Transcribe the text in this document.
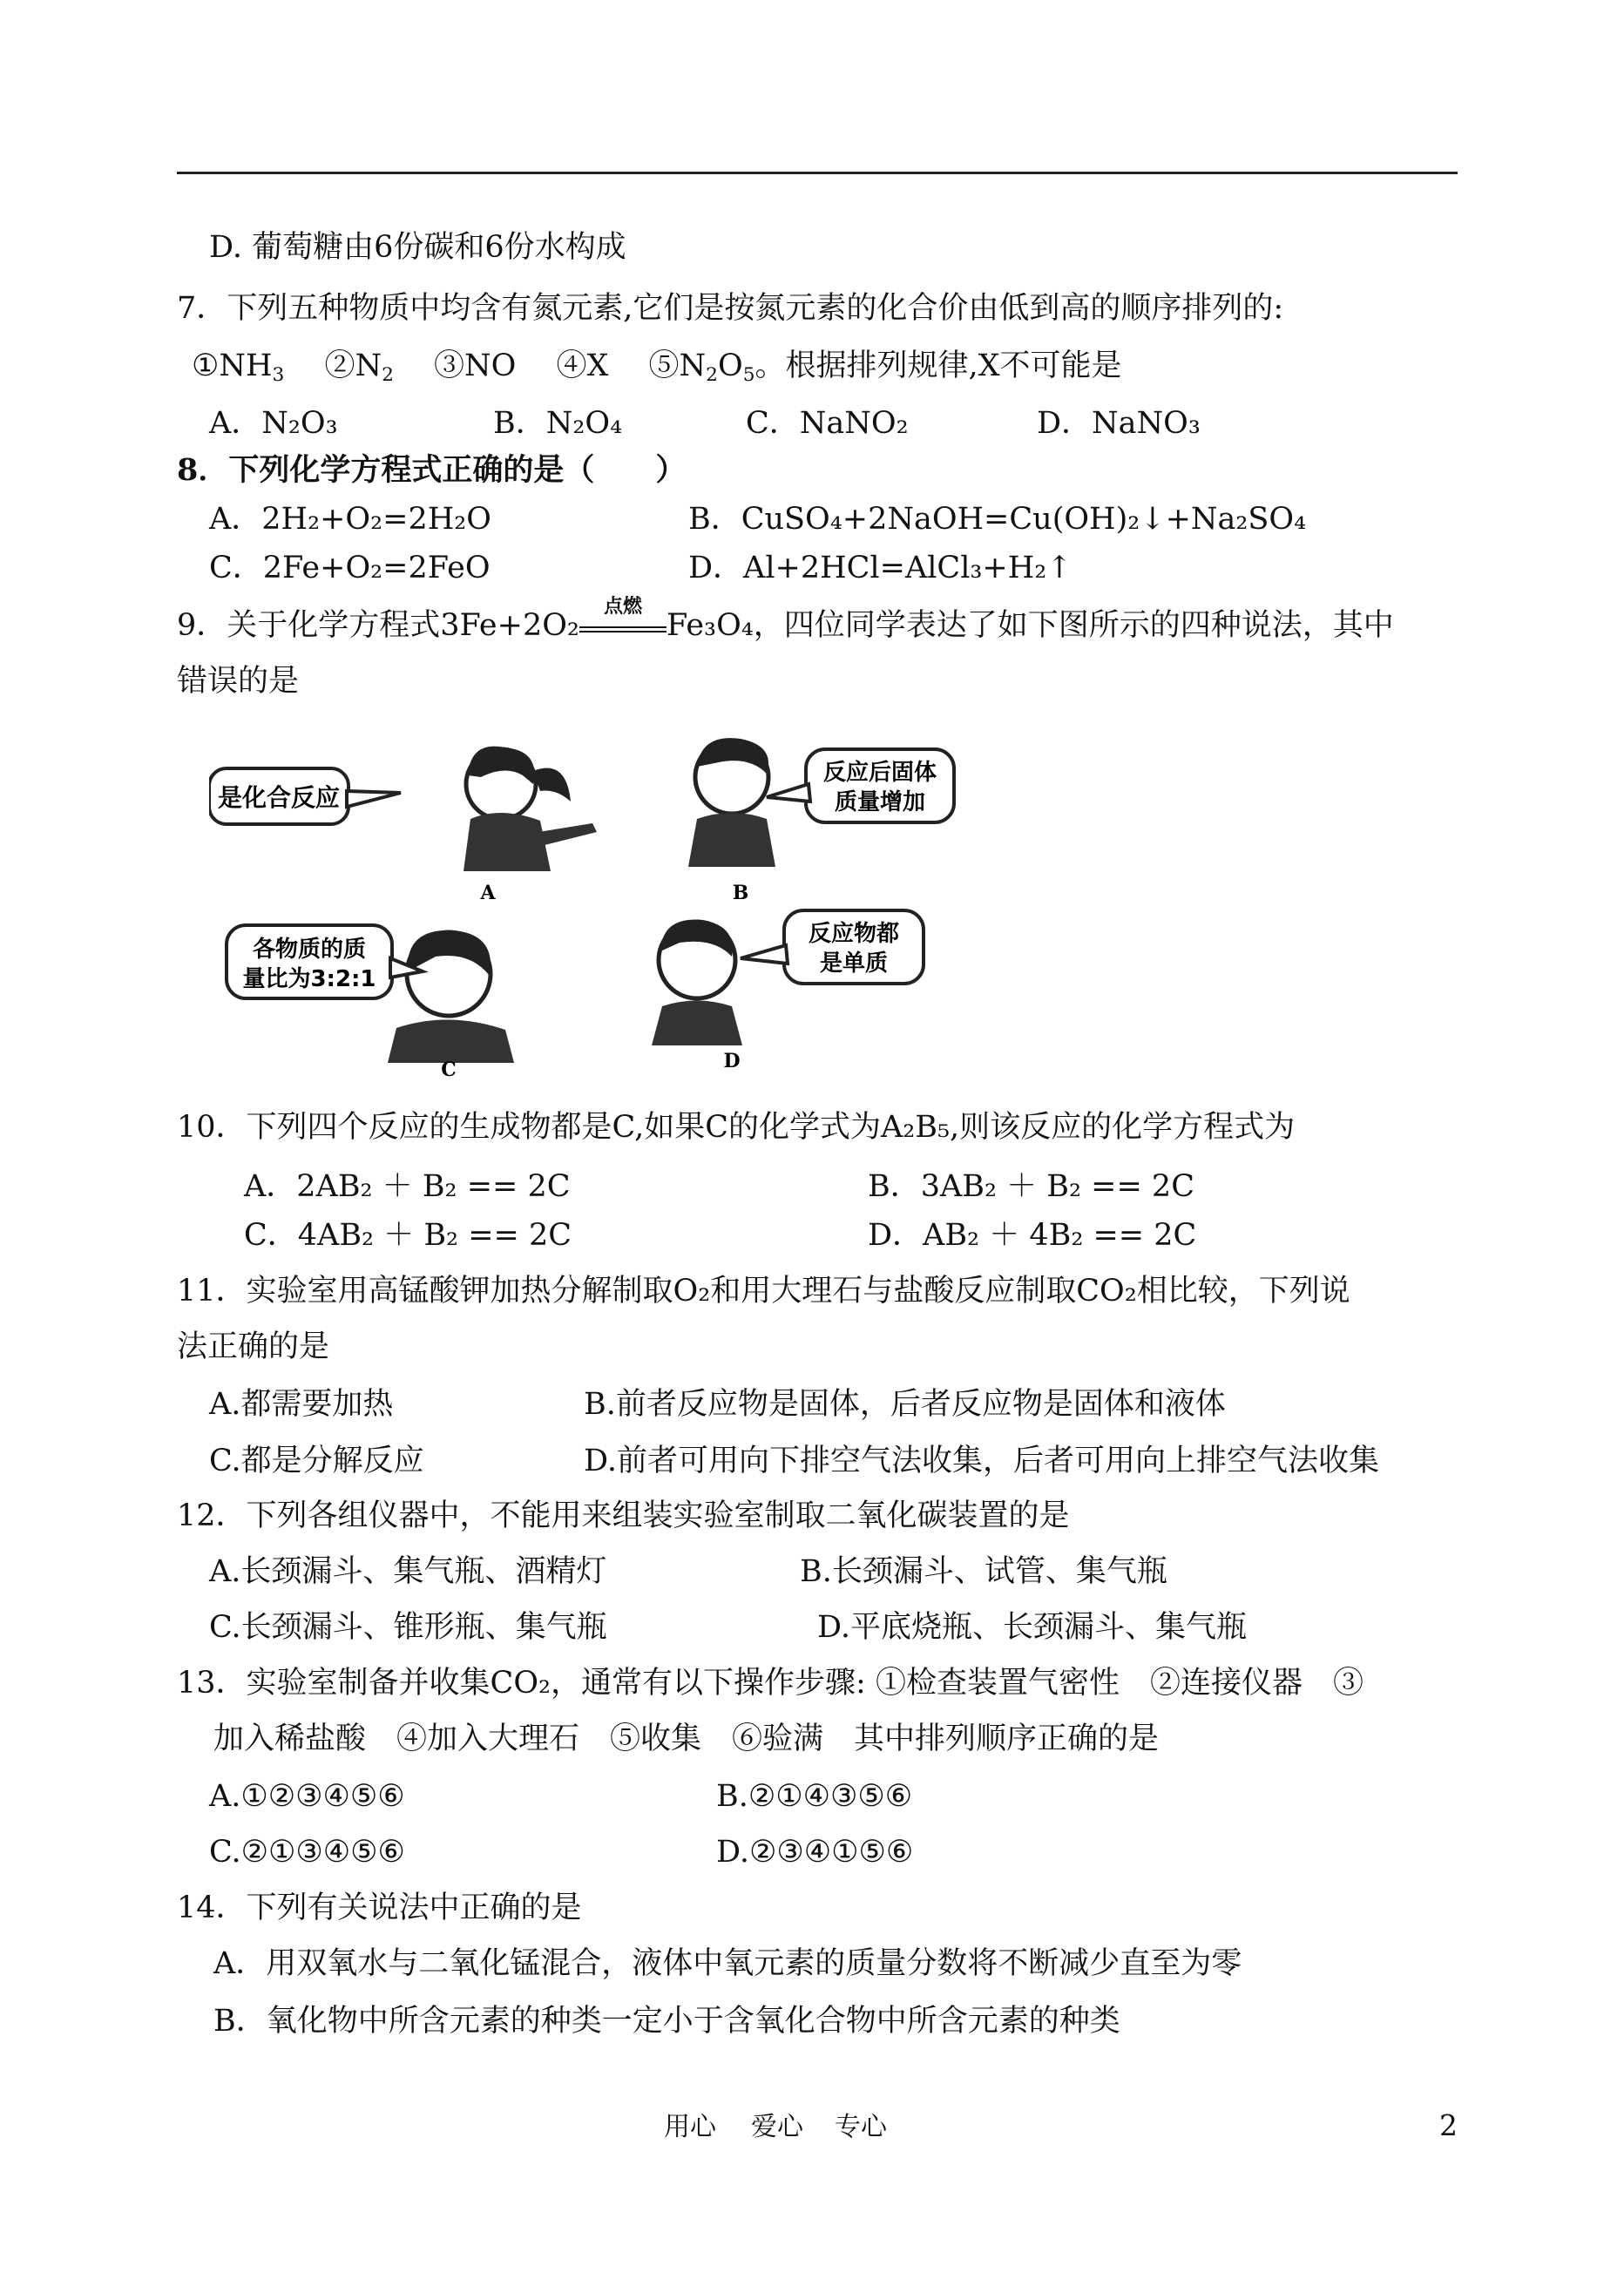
D. 葡萄糖由6份碳和6份水构成
7．下列五种物质中均含有氮元素,它们是按氮元素的化合价由低到高的顺序排列的:
$①NH_3$　 $②N_2$　 ③NO　 ④X　 $⑤N_2O_5$。根据排列规律,X不可能是
A．N₂O₃	B．N₂O₄	C．NaNO₂	D．NaNO₃
8．下列化学方程式正确的是（　　）
A．2H₂+O₂=2H₂O	B．CuSO₄+2NaOH=Cu(OH)₂↓+Na₂SO₄
C．2Fe+O₂=2FeO	D．Al+2HCl=AlCl₃+H₂↑
9．关于化学方程式3Fe+2O₂
点燃
Fe₃O₄，四位同学表达了如下图所示的四种说法，其中
错误的是
是化合反应
A
反应后固体
质量增加
B
各物质的质
量比为3:2:1
C
反应物都
是单质
D
10．下列四个反应的生成物都是C,如果C的化学式为A₂B₅,则该反应的化学方程式为
A．2AB₂ ＋ B₂ == 2C	B．3AB₂ ＋ B₂ == 2C
C．4AB₂ ＋ B₂ == 2C	D．AB₂ ＋ 4B₂ == 2C
11．实验室用高锰酸钾加热分解制取O₂和用大理石与盐酸反应制取CO₂相比较，下列说
法正确的是
A.都需要加热	B.前者反应物是固体，后者反应物是固体和液体
C.都是分解反应	D.前者可用向下排空气法收集，后者可用向上排空气法收集
12．下列各组仪器中，不能用来组装实验室制取二氧化碳装置的是
A.长颈漏斗、集气瓶、酒精灯	B.长颈漏斗、试管、集气瓶
C.长颈漏斗、锥形瓶、集气瓶	D.平底烧瓶、长颈漏斗、集气瓶
13．实验室制备并收集CO₂，通常有以下操作步骤: ①检查装置气密性　②连接仪器　③
加入稀盐酸　④加入大理石　⑤收集　⑥验满　其中排列顺序正确的是
A.①②③④⑤⑥	B.②①④③⑤⑥
C.②①③④⑤⑥	D.②③④①⑤⑥
14．下列有关说法中正确的是
A．用双氧水与二氧化锰混合，液体中氧元素的质量分数将不断减少直至为零
B．氧化物中所含元素的种类一定小于含氧化合物中所含元素的种类
用心 爱心 专心	2
